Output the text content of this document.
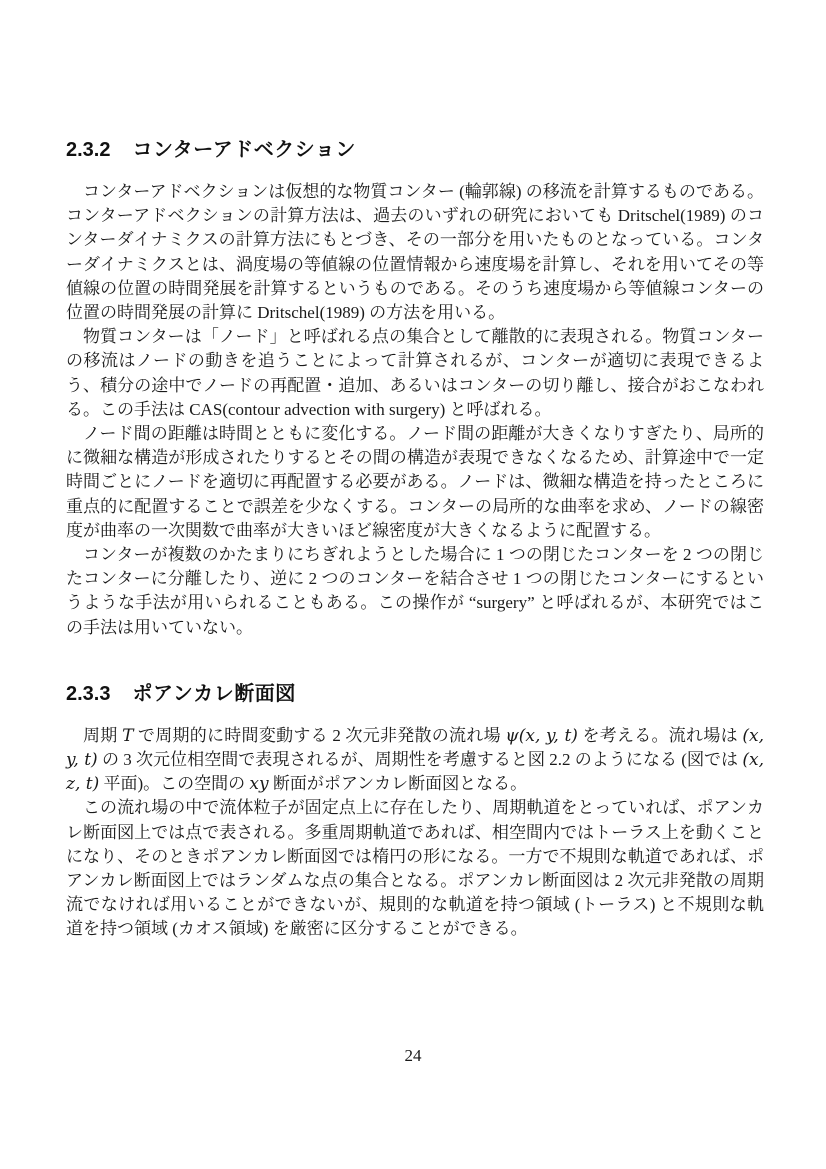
2.3.2 コンターアドベクション

コンターアドベクションは仮想的な物質コンター (輪郭線) の移流を計算するものである。コンターアドベクションの計算方法は、過去のいずれの研究においても Dritschel(1989) のコンターダイナミクスの計算方法にもとづき、その一部分を用いたものとなっている。コンターダイナミクスとは、渦度場の等値線の位置情報から速度場を計算し、それを用いてその等値線の位置の時間発展を計算するというものである。そのうち速度場から等値線コンターの位置の時間発展の計算に Dritschel(1989) の方法を用いる。

物質コンターは「ノード」と呼ばれる点の集合として離散的に表現される。物質コンターの移流はノードの動きを追うことによって計算されるが、コンターが適切に表現できるよう、積分の途中でノードの再配置・追加、あるいはコンターの切り離し、接合がおこなわれる。この手法は CAS(contour advection with surgery) と呼ばれる。

ノード間の距離は時間とともに変化する。ノード間の距離が大きくなりすぎたり、局所的に微細な構造が形成されたりするとその間の構造が表現できなくなるため、計算途中で一定時間ごとにノードを適切に再配置する必要がある。ノードは、微細な構造を持ったところに重点的に配置することで誤差を少なくする。コンターの局所的な曲率を求め、ノードの線密度が曲率の一次関数で曲率が大きいほど線密度が大きくなるように配置する。

コンターが複数のかたまりにちぎれようとした場合に 1 つの閉じたコンターを 2 つの閉じたコンターに分離したり、逆に 2 つのコンターを結合させ 1 つの閉じたコンターにするというような手法が用いられることもある。この操作が “surgery” と呼ばれるが、本研究ではこの手法は用いていない。

2.3.3 ポアンカレ断面図

周期 T で周期的に時間変動する 2 次元非発散の流れ場 ψ(x, y, t) を考える。流れ場は (x, y, t) の 3 次元位相空間で表現されるが、周期性を考慮すると図 2.2 のようになる (図では (x, z, t) 平面)。この空間の xy 断面がポアンカレ断面図となる。

この流れ場の中で流体粒子が固定点上に存在したり、周期軌道をとっていれば、ポアンカレ断面図上では点で表される。多重周期軌道であれば、相空間内ではトーラス上を動くことになり、そのときポアンカレ断面図では楕円の形になる。一方で不規則な軌道であれば、ポアンカレ断面図上ではランダムな点の集合となる。ポアンカレ断面図は 2 次元非発散の周期流でなければ用いることができないが、規則的な軌道を持つ領域 (トーラス) と不規則な軌道を持つ領域 (カオス領域) を厳密に区分することができる。

24
